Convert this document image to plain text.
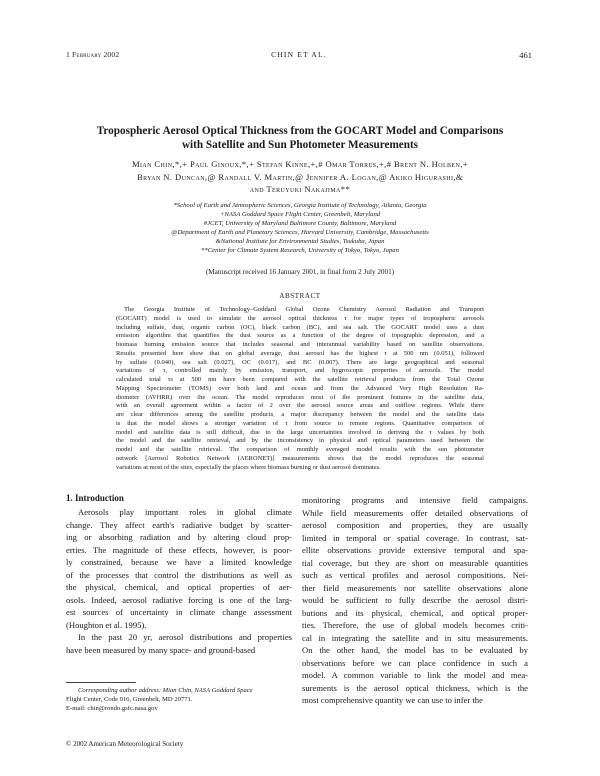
1 February 2002	CHIN ET AL.	461
Tropospheric Aerosol Optical Thickness from the GOCART Model and Comparisons
with Satellite and Sun Photometer Measurements
Mian Chin,*,+ Paul Ginoux,*,+ Stefan Kinne,+,# Omar Torres,+,# Brent N. Holben,+
Bryan N. Duncan,@ Randall V. Martin,@ Jennifer A. Logan,@ Akiko Higurashi,&
and Teruyuki Nakajima**
*School of Earth and Atmospheric Sciences, Georgia Institute of Technology, Atlanta, Georgia
+NASA Goddard Space Flight Center, Greenbelt, Maryland
#JCET, University of Maryland Baltimore County, Baltimore, Maryland
@Department of Earth and Planetary Sciences, Harvard University, Cambridge, Massachusetts
&National Institute for Environmental Studies, Tsukuba, Japan
**Center for Climate System Research, University of Tokyo, Tokyo, Japan
(Manuscript received 16 January 2001, in final form 2 July 2001)
ABSTRACT
The Georgia Institute of Technology–Goddard Global Ozone Chemistry Aerosol Radiation and Transport
(GOCART) model is used to simulate the aerosol optical thickness τ for major types of tropospheric aerosols
including sulfate, dust, organic carbon (OC), black carbon (BC), and sea salt. The GOCART model uses a dust
emission algorithm that quantifies the dust source as a function of the degree of topographic depression, and a
biomass burning emission source that includes seasonal and interannual variability based on satellite observations.
Results presented here show that on global average, dust aerosol has the highest τ at 500 nm (0.051), followed
by sulfate (0.040), sea salt (0.027), OC (0.017), and BC (0.007). There are large geographical and seasonal
variations of τ, controlled mainly by emission, transport, and hygroscopic properties of aerosols. The model
calculated total τs at 500 nm have been compared with the satellite retrieval products from the Total Ozone
Mapping Spectrometer (TOMS) over both land and ocean and from the Advanced Very High Resolution Ra-
diometer (AVHRR) over the ocean. The model reproduces most of the prominent features in the satellite data,
with an overall agreement within a factor of 2 over the aerosol source areas and outflow regions. While there
are clear differences among the satellite products, a major discrepancy between the model and the satellite data
is that the model shows a stronger variation of τ from source to remote regions. Quantitative comparison of
model and satellite data is still difficult, due to the large uncertainties involved in deriving the τ values by both
the model and the satellite retrieval, and by the inconsistency in physical and optical parameters used between the
model and the satellite retrieval. The comparison of monthly averaged model results with the sun photometer
network [Aerosol Robotics Network (AERONET)] measurements shows that the model reproduces the seasonal
variations at most of the sites, especially the places where biomass burning or dust aerosol dominates.
1. Introduction
Aerosols play important roles in global climate
change. They affect earth's radiative budget by scatter-
ing or absorbing radiation and by altering cloud prop-
erties. The magnitude of these effects, however, is poor-
ly constrained, because we have a limited knowledge
of the processes that control the distributions as well as
the physical, chemical, and optical properties of aer-
osols. Indeed, aerosol radiative forcing is one of the larg-
est sources of uncertainty in climate change assessment
(Houghton et al. 1995).
In the past 20 yr, aerosol distributions and properties
have been measured by many space- and ground-based
monitoring programs and intensive field campaigns.
While field measurements offer detailed observations of
aerosol composition and properties, they are usually
limited in temporal or spatial coverage. In contrast, sat-
ellite observations provide extensive temporal and spa-
tial coverage, but they are short on measurable quantities
such as vertical profiles and aerosol compositions. Nei-
ther field measurements nor satellite observations alone
would be sufficient to fully describe the aerosol distri-
butions and its physical, chemical, and optical proper-
ties. Therefore, the use of global models becomes criti-
cal in integrating the satellite and in situ measurements.
On the other hand, the model has to be evaluated by
observations before we can place confidence in such a
model. A common variable to link the model and mea-
surements is the aerosol optical thickness, which is the
most comprehensive quantity we can use to infer the
Corresponding author address: Mian Chin, NASA Goddard Space
Flight Center, Code 916, Greenbelt, MD 20771.
E-mail: chin@rondo.gsfc.nasa.gov
© 2002 American Meteorological Society
